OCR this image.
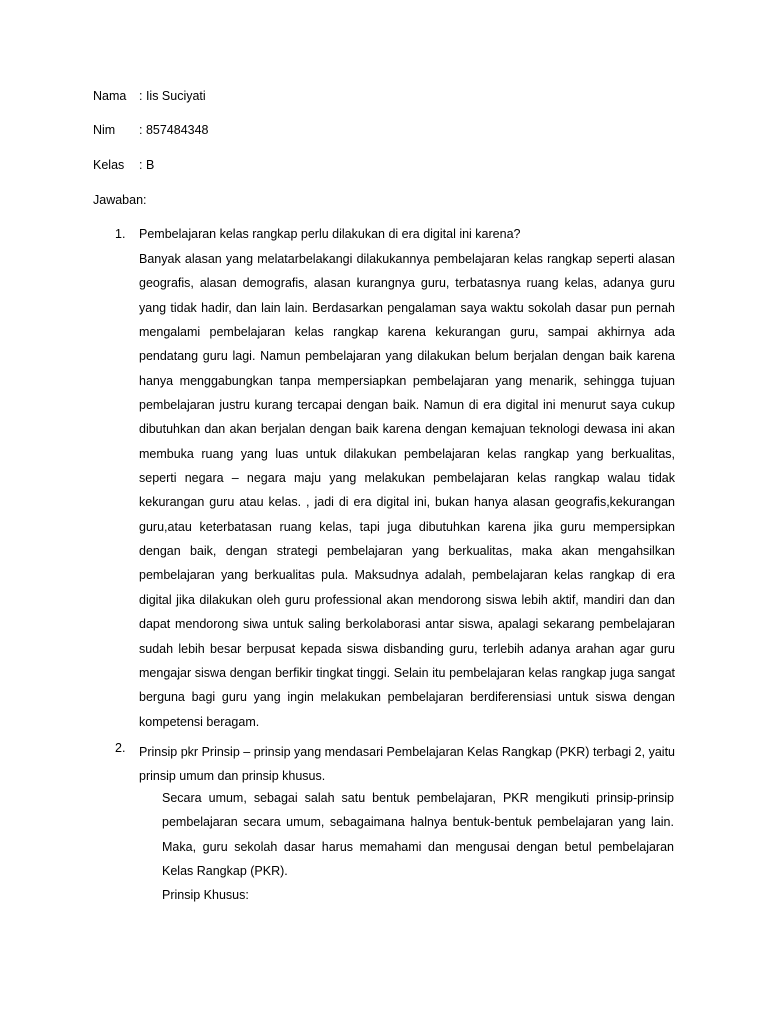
Nama : Iis Suciyati
Nim : 857484348
Kelas : B
Jawaban:
1. Pembelajaran kelas rangkap perlu dilakukan di era digital ini karena?
Banyak alasan yang melatarbelakangi dilakukannya pembelajaran kelas rangkap seperti alasan geografis, alasan demografis, alasan kurangnya guru, terbatasnya ruang kelas, adanya guru yang tidak hadir, dan lain lain. Berdasarkan pengalaman saya waktu sokolah dasar pun pernah mengalami pembelajaran kelas rangkap karena kekurangan guru, sampai akhirnya ada pendatang guru lagi. Namun pembelajaran yang dilakukan belum berjalan dengan baik karena hanya menggabungkan tanpa mempersiapkan pembelajaran yang menarik, sehingga tujuan pembelajaran justru kurang tercapai dengan baik. Namun di era digital ini menurut saya cukup dibutuhkan dan akan berjalan dengan baik karena dengan kemajuan teknologi dewasa ini akan membuka ruang yang luas untuk dilakukan pembelajaran kelas rangkap yang berkualitas, seperti negara – negara maju yang melakukan pembelajaran kelas rangkap walau tidak kekurangan guru atau kelas. , jadi di era digital ini, bukan hanya alasan geografis,kekurangan guru,atau keterbatasan ruang kelas, tapi juga dibutuhkan karena jika guru mempersipkan dengan baik, dengan strategi pembelajaran yang berkualitas, maka akan mengahsilkan pembelajaran yang berkualitas pula. Maksudnya adalah, pembelajaran kelas rangkap di era digital jika dilakukan oleh guru professional akan mendorong siswa lebih aktif, mandiri dan dan dapat mendorong siwa untuk saling berkolaborasi antar siswa, apalagi sekarang pembelajaran sudah lebih besar berpusat kepada siswa disbanding guru, terlebih adanya arahan agar guru mengajar siswa dengan berfikir tingkat tinggi. Selain itu pembelajaran kelas rangkap juga sangat berguna bagi guru yang ingin melakukan pembelajaran berdiferensiasi untuk siswa dengan kompetensi beragam.
2. Prinsip pkr Prinsip – prinsip yang mendasari Pembelajaran Kelas Rangkap (PKR) terbagi 2, yaitu prinsip umum dan prinsip khusus.
Secara umum, sebagai salah satu bentuk pembelajaran, PKR mengikuti prinsip-prinsip pembelajaran secara umum, sebagaimana halnya bentuk-bentuk pembelajaran yang lain. Maka, guru sekolah dasar harus memahami dan mengusai dengan betul pembelajaran Kelas Rangkap (PKR).
Prinsip Khusus:
